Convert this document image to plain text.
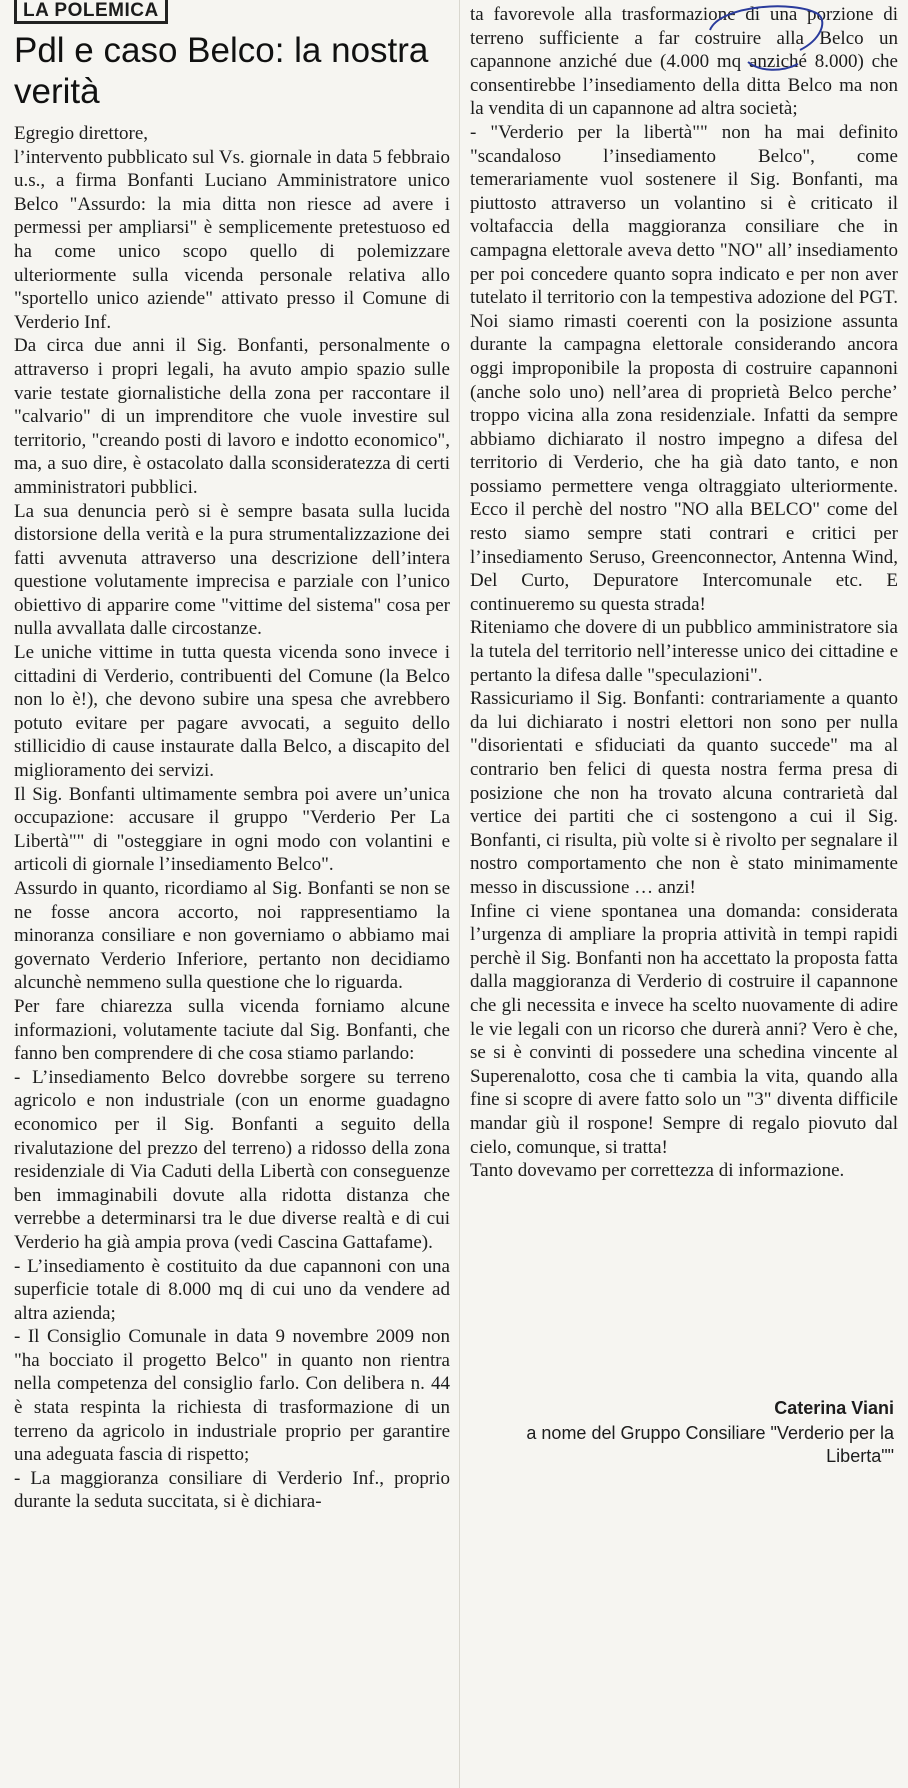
LA POLEMICA
Pdl e caso Belco: la nostra verità

Egregio direttore,

l’intervento pubblicato sul Vs. giornale in data 5 febbraio u.s., a firma Bonfanti Luciano Amministratore unico Belco "Assurdo: la mia ditta non riesce ad avere i permessi per ampliarsi" è semplicemente pretestuoso ed ha come unico scopo quello di polemizzare ulteriormente sulla vicenda personale relativa allo "sportello unico aziende" attivato presso il Comune di Verderio Inf.

Da circa due anni il Sig. Bonfanti, personalmente o attraverso i propri legali, ha avuto ampio spazio sulle varie testate giornalistiche della zona per raccontare il "calvario" di un imprenditore che vuole investire sul territorio, "creando posti di lavoro e indotto economico", ma, a suo dire, è ostacolato dalla sconsideratezza di certi amministratori pubblici.

La sua denuncia però si è sempre basata sulla lucida distorsione della verità e la pura strumentalizzazione dei fatti avvenuta attraverso una descrizione dell’intera questione volutamente imprecisa e parziale con l’unico obiettivo di apparire come "vittime del sistema" cosa per nulla avvallata dalle circostanze.

Le uniche vittime in tutta questa vicenda sono invece i cittadini di Verderio, contribuenti del Comune (la Belco non lo è!), che devono subire una spesa che avrebbero potuto evitare per pagare avvocati, a seguito dello stillicidio di cause instaurate dalla Belco, a discapito del miglioramento dei servizi.

Il Sig. Bonfanti ultimamente sembra poi avere un’unica occupazione: accusare il gruppo "Verderio Per La Libertà"" di "osteggiare in ogni modo con volantini e articoli di giornale l’insediamento Belco".

Assurdo in quanto, ricordiamo al Sig. Bonfanti se non se ne fosse ancora accorto, noi rappresentiamo la minoranza consiliare e non governiamo o abbiamo mai governato Verderio Inferiore, pertanto non decidiamo alcunchè nemmeno sulla questione che lo riguarda.

Per fare chiarezza sulla vicenda forniamo alcune informazioni, volutamente taciute dal Sig. Bonfanti, che fanno ben comprendere di che cosa stiamo parlando:

- L’insediamento Belco dovrebbe sorgere su terreno agricolo e non industriale (con un enorme guadagno economico per il Sig. Bonfanti a seguito della rivalutazione del prezzo del terreno) a ridosso della zona residenziale di Via Caduti della Libertà con conseguenze ben immaginabili dovute alla ridotta distanza che verrebbe a determinarsi tra le due diverse realtà e di cui Verderio ha già ampia prova (vedi Cascina Gattafame).

- L’insediamento è costituito da due capannoni con una superficie totale di 8.000 mq di cui uno da vendere ad altra azienda;

- Il Consiglio Comunale in data 9 novembre 2009 non "ha bocciato il progetto Belco" in quanto non rientra nella competenza del consiglio farlo. Con delibera n. 44 è stata respinta la richiesta di trasformazione di un terreno da agricolo in industriale proprio per garantire una adeguata fascia di rispetto;

- La maggioranza consiliare di Verderio Inf., proprio durante la seduta succitata, si è dichiara-

ta favorevole alla trasformazione di una porzione di terreno sufficiente a far costruire alla Belco un capannone anziché due (4.000 mq anziché 8.000) che consentirebbe l’insediamento della ditta Belco ma non la vendita di un capannone ad altra società;

- "Verderio per la libertà"" non ha mai definito "scandaloso l’insediamento Belco", come temerariamente vuol sostenere il Sig. Bonfanti, ma piuttosto attraverso un volantino si è criticato il voltafaccia della maggioranza consiliare che in campagna elettorale aveva detto "NO" all’ insediamento per poi concedere quanto sopra indicato e per non aver tutelato il territorio con la tempestiva adozione del PGT. Noi siamo rimasti coerenti con la posizione assunta durante la campagna elettorale considerando ancora oggi improponibile la proposta di costruire capannoni (anche solo uno) nell’area di proprietà Belco perche’ troppo vicina alla zona residenziale. Infatti da sempre abbiamo dichiarato il nostro impegno a difesa del territorio di Verderio, che ha già dato tanto, e non possiamo permettere venga oltraggiato ulteriormente. Ecco il perchè del nostro "NO alla BELCO" come del resto siamo sempre stati contrari e critici per l’insediamento Seruso, Greenconnector, Antenna Wind, Del Curto, Depuratore Intercomunale etc. E continueremo su questa strada!

Riteniamo che dovere di un pubblico amministratore sia la tutela del territorio nell’interesse unico dei cittadine e pertanto la difesa dalle "speculazioni".

Rassicuriamo il Sig. Bonfanti: contrariamente a quanto da lui dichiarato i nostri elettori non sono per nulla "disorientati e sfiduciati da quanto succede" ma al contrario ben felici di questa nostra ferma presa di posizione che non ha trovato alcuna contrarietà dal vertice dei partiti che ci sostengono a cui il Sig. Bonfanti, ci risulta, più volte si è rivolto per segnalare il nostro comportamento che non è stato minimamente messo in discussione … anzi!

Infine ci viene spontanea una domanda: considerata l’urgenza di ampliare la propria attività in tempi rapidi perchè il Sig. Bonfanti non ha accettato la proposta fatta dalla maggioranza di Verderio di costruire il capannone che gli necessita e invece ha scelto nuovamente di adire le vie legali con un ricorso che durerà anni? Vero è che, se si è convinti di possedere una schedina vincente al Superenalotto, cosa che ti cambia la vita, quando alla fine si scopre di avere fatto solo un "3" diventa difficile mandar giù il rospone! Sempre di regalo piovuto dal cielo, comunque, si tratta!

Tanto dovevamo per correttezza di informazione.

Caterina Viani
a nome del Gruppo Consiliare "Verderio per la Liberta""
